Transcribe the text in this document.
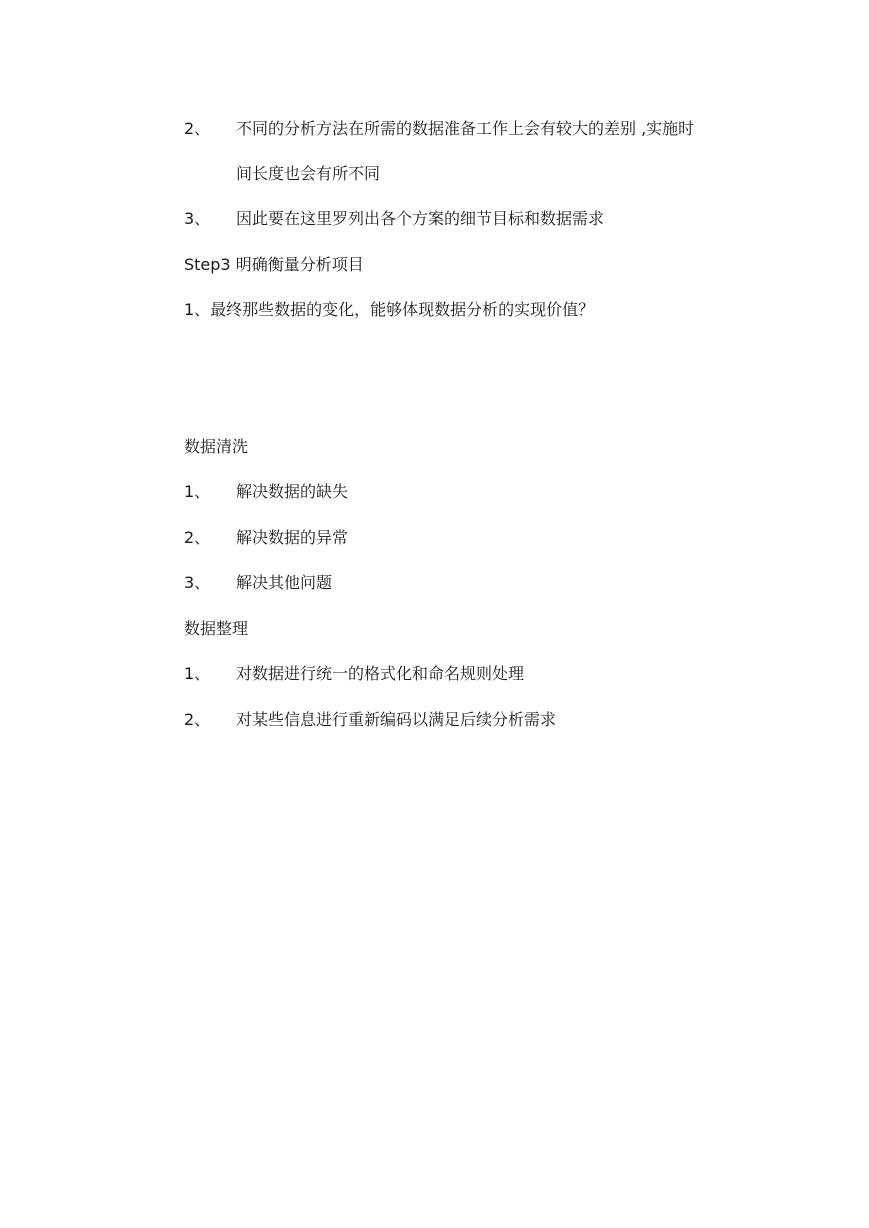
2、 不同的分析方法在所需的数据准备工作上会有较大的差别 ,实施时
间长度也会有所不同
3、 因此要在这里罗列出各个方案的细节目标和数据需求
Step3 明确衡量分析项目
1、最终那些数据的变化，能够体现数据分析的实现价值？
数据清洗
1、 解决数据的缺失
2、 解决数据的异常
3、 解决其他问题
数据整理
1、 对数据进行统一的格式化和命名规则处理
2、 对某些信息进行重新编码以满足后续分析需求
